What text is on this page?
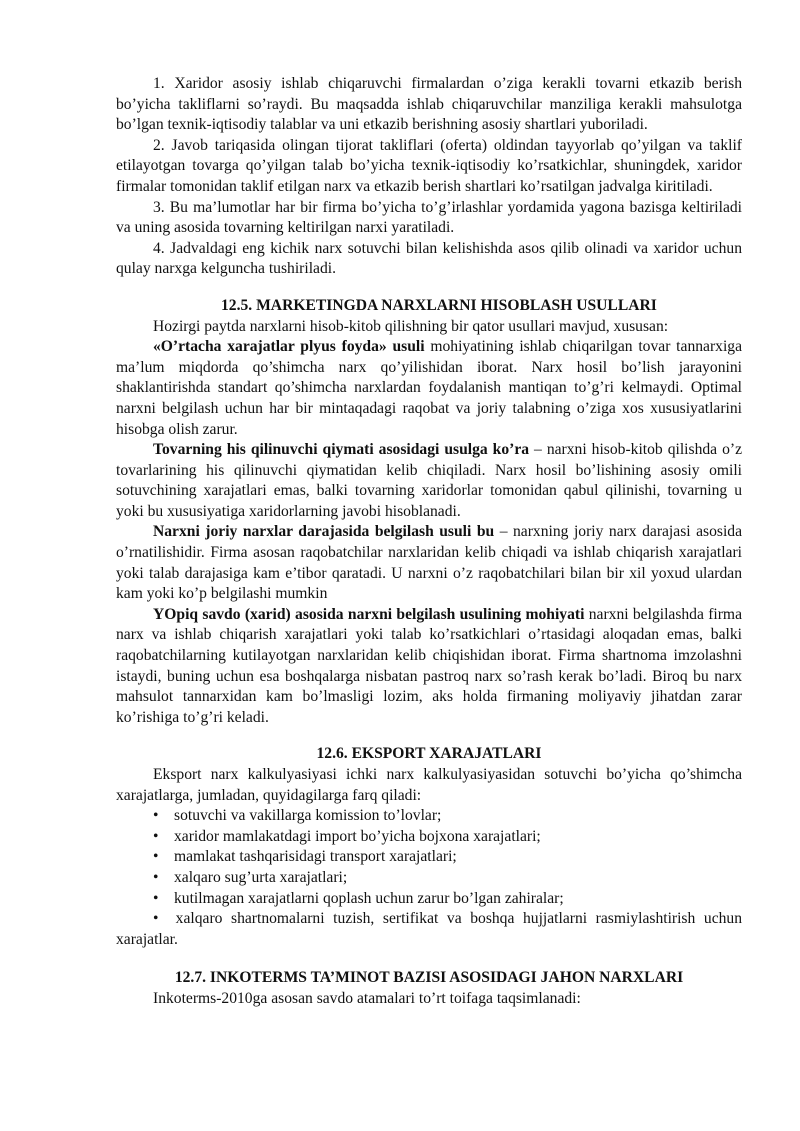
1. Xaridor asosiy ishlab chiqaruvchi firmalardan o’ziga kerakli tovarni etkazib berish bo’yicha takliflarni so’raydi. Bu maqsadda ishlab chiqaruvchilar manziliga kerakli mahsulotga bo’lgan texnik-iqtisodiy talablar va uni etkazib berishning asosiy shartlari yuboriladi.

2. Javob tariqasida olingan tijorat takliflari (oferta) oldindan tayyorlab qo’yilgan va taklif etilayotgan tovarga qo’yilgan talab bo’yicha texnik-iqtisodiy ko’rsatkichlar, shuningdek, xaridor firmalar tomonidan taklif etilgan narx va etkazib berish shartlari ko’rsatilgan jadvalga kiritiladi.

3. Bu ma’lumotlar har bir firma bo’yicha to’g’irlashlar yordamida yagona bazisga keltiriladi va uning asosida tovarning keltirilgan narxi yaratiladi.

4. Jadvaldagi eng kichik narx sotuvchi bilan kelishishda asos qilib olinadi va xaridor uchun qulay narxga kelguncha tushiriladi.

12.5. MARKETINGDA NARXLARNI HISOBLASH USULLARI

Hozirgi paytda narxlarni hisob-kitob qilishning bir qator usullari mavjud, xususan:

«O’rtacha xarajatlar plyus foyda» usuli mohiyatining ishlab chiqarilgan tovar tannarxiga ma’lum miqdorda qo’shimcha narx qo’yilishidan iborat. Narx hosil bo’lish jarayonini shaklantirishda standart qo’shimcha narxlardan foydalanish mantiqan to’g’ri kelmaydi. Optimal narxni belgilash uchun har bir mintaqadagi raqobat va joriy talabning o’ziga xos xususiyatlarini hisobga olish zarur.

Tovarning his qilinuvchi qiymati asosidagi usulga ko’ra – narxni hisob-kitob qilishda o’z tovarlarining his qilinuvchi qiymatidan kelib chiqiladi. Narx hosil bo’lishining asosiy omili sotuvchining xarajatlari emas, balki tovarning xaridorlar tomonidan qabul qilinishi, tovarning u yoki bu xususiyatiga xaridorlarning javobi hisoblanadi.

Narxni joriy narxlar darajasida belgilash usuli bu – narxning joriy narx darajasi asosida o’rnatilishidir. Firma asosan raqobatchilar narxlaridan kelib chiqadi va ishlab chiqarish xarajatlari yoki talab darajasiga kam e’tibor qaratadi. U narxni o’z raqobatchilari bilan bir xil yoxud ulardan kam yoki ko’p belgilashi mumkin

YOpiq savdo (xarid) asosida narxni belgilash usulining mohiyati narxni belgilashda firma narx va ishlab chiqarish xarajatlari yoki talab ko’rsatkichlari o’rtasidagi aloqadan emas, balki raqobatchilarning kutilayotgan narxlaridan kelib chiqishidan iborat. Firma shartnoma imzolashni istaydi, buning uchun esa boshqalarga nisbatan pastroq narx so’rash kerak bo’ladi. Biroq bu narx mahsulot tannarxidan kam bo’lmasligi lozim, aks holda firmaning moliyaviy jihatdan zarar ko’rishiga to’g’ri keladi.

12.6. EKSPORT XARAJATLARI

Eksport narx kalkulyasiyasi ichki narx kalkulyasiyasidan sotuvchi bo’yicha qo’shimcha xarajatlarga, jumladan, quyidagilarga farq qiladi:

• sotuvchi va vakillarga komission to’lovlar;
• xaridor mamlakatdagi import bo’yicha bojxona xarajatlari;
• mamlakat tashqarisidagi transport xarajatlari;
• xalqaro sug’urta xarajatlari;
• kutilmagan xarajatlarni qoplash uchun zarur bo’lgan zahiralar;
• xalqaro shartnomalarni tuzish, sertifikat va boshqa hujjatlarni rasmiylashtirish uchun xarajatlar.
12.7. INKOTERMS TA’MINOT BAZISI ASOSIDAGI JAHON NARXLARI

Inkoterms-2010ga asosan savdo atamalari to’rt toifaga taqsimlanadi:
